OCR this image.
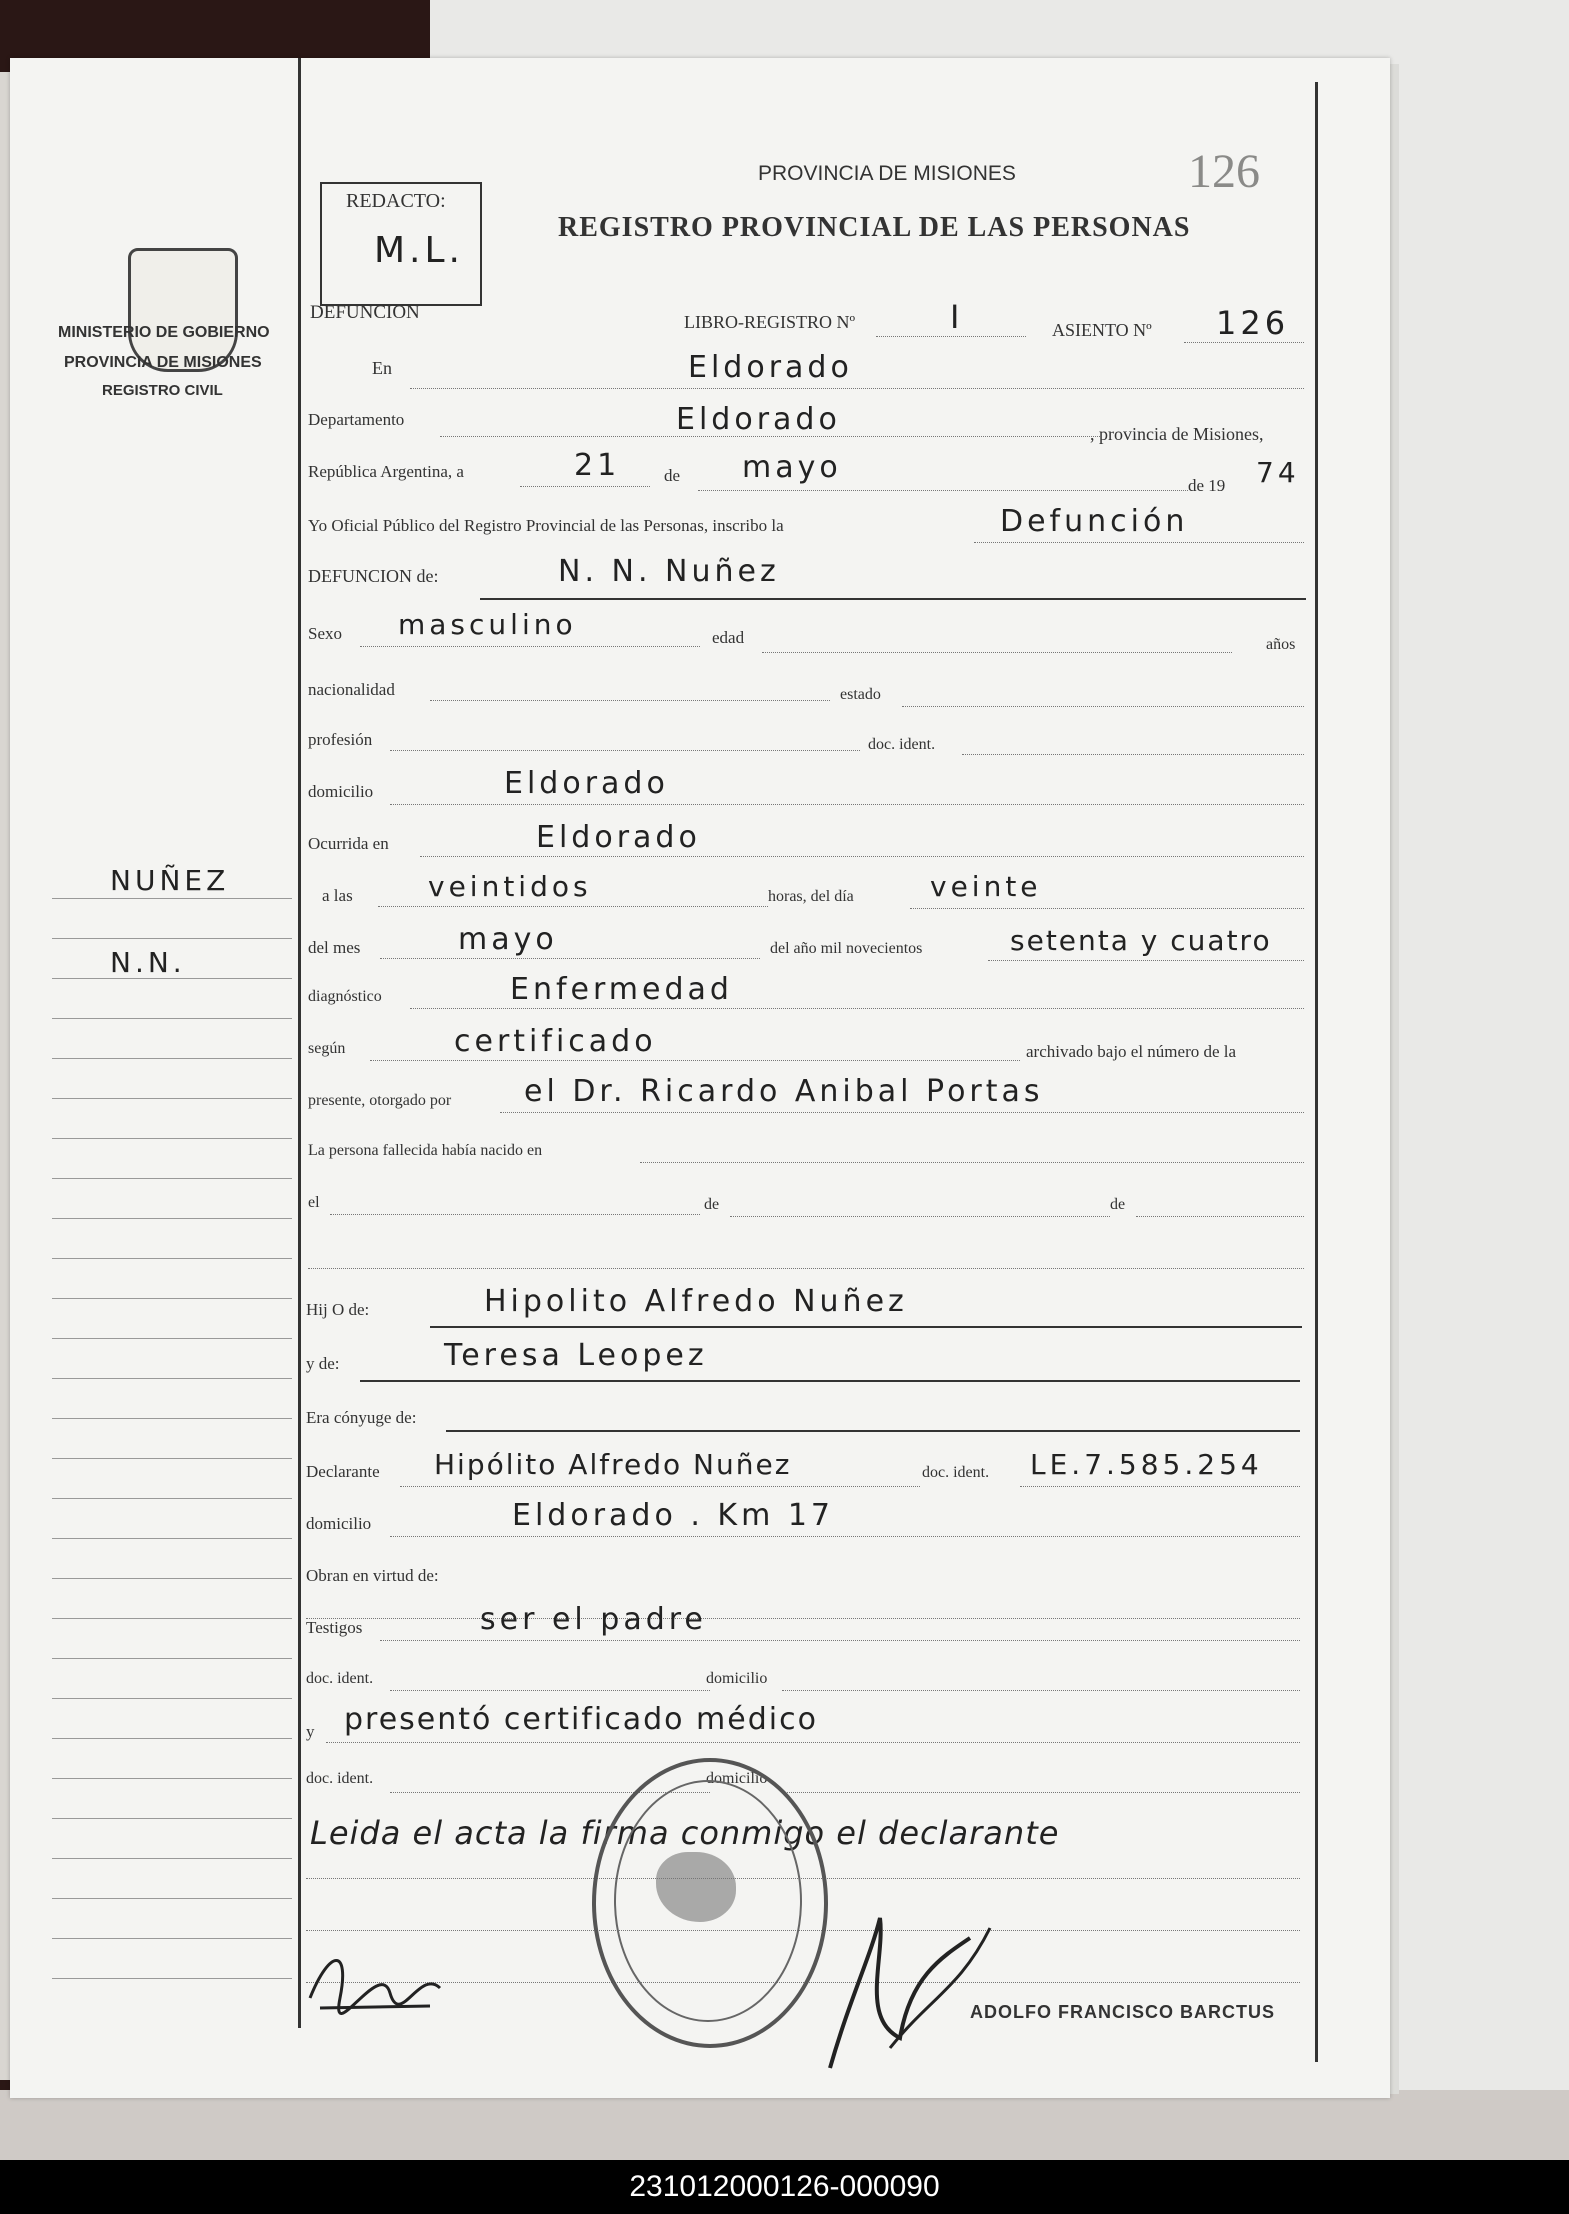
MINISTERIO DE GOBIERNO
PROVINCIA DE MISIONES
REGISTRO CIVIL
REDACTO:
M.L.
PROVINCIA DE MISIONES	126
REGISTRO PROVINCIAL DE LAS PERSONAS
NUÑEZ
N.N.
DEFUNCION	LIBRO-REGISTRO Nº	I	ASIENTO Nº 126
En	Eldorado
Departamento	Eldorado	, provincia de Misiones,
República Argentina, a	21	de mayo
de 19 74
Yo Oficial Público del Registro Provincial de las Personas, inscribo la	Defunción
DEFUNCION de:	N. N. Nuñez
Sexo masculino	edad	años
nacionalidad	estado
profesión	doc. ident.
domicilio	Eldorado
Ocurrida en	Eldorado
a las	veintidos	horas, del día	veinte
del mes	mayo	del año mil novecientos	setenta y cuatro
diagnóstico	Enfermedad
según	certificado	archivado bajo el número de la
presente, otorgado por el Dr. Ricardo Anibal Portas
La persona fallecida había nacido en
el	de	de
Hij O de:	Hipolito Alfredo Nuñez
y de:	Teresa Leopez
Era cónyuge de:
Declarante Hipólito Alfredo Nuñez	doc. ident. LE.7.585.254
domicilio	Eldorado . Km 17
Obran en virtud de:
Testigos	ser el padre
doc. ident.	domicilio
y presentó certificado médico
doc. ident.	domicilio
Leida el acta la firma conmigo el declarante
ADOLFO FRANCISCO BARCTUS
231012000126-000090
